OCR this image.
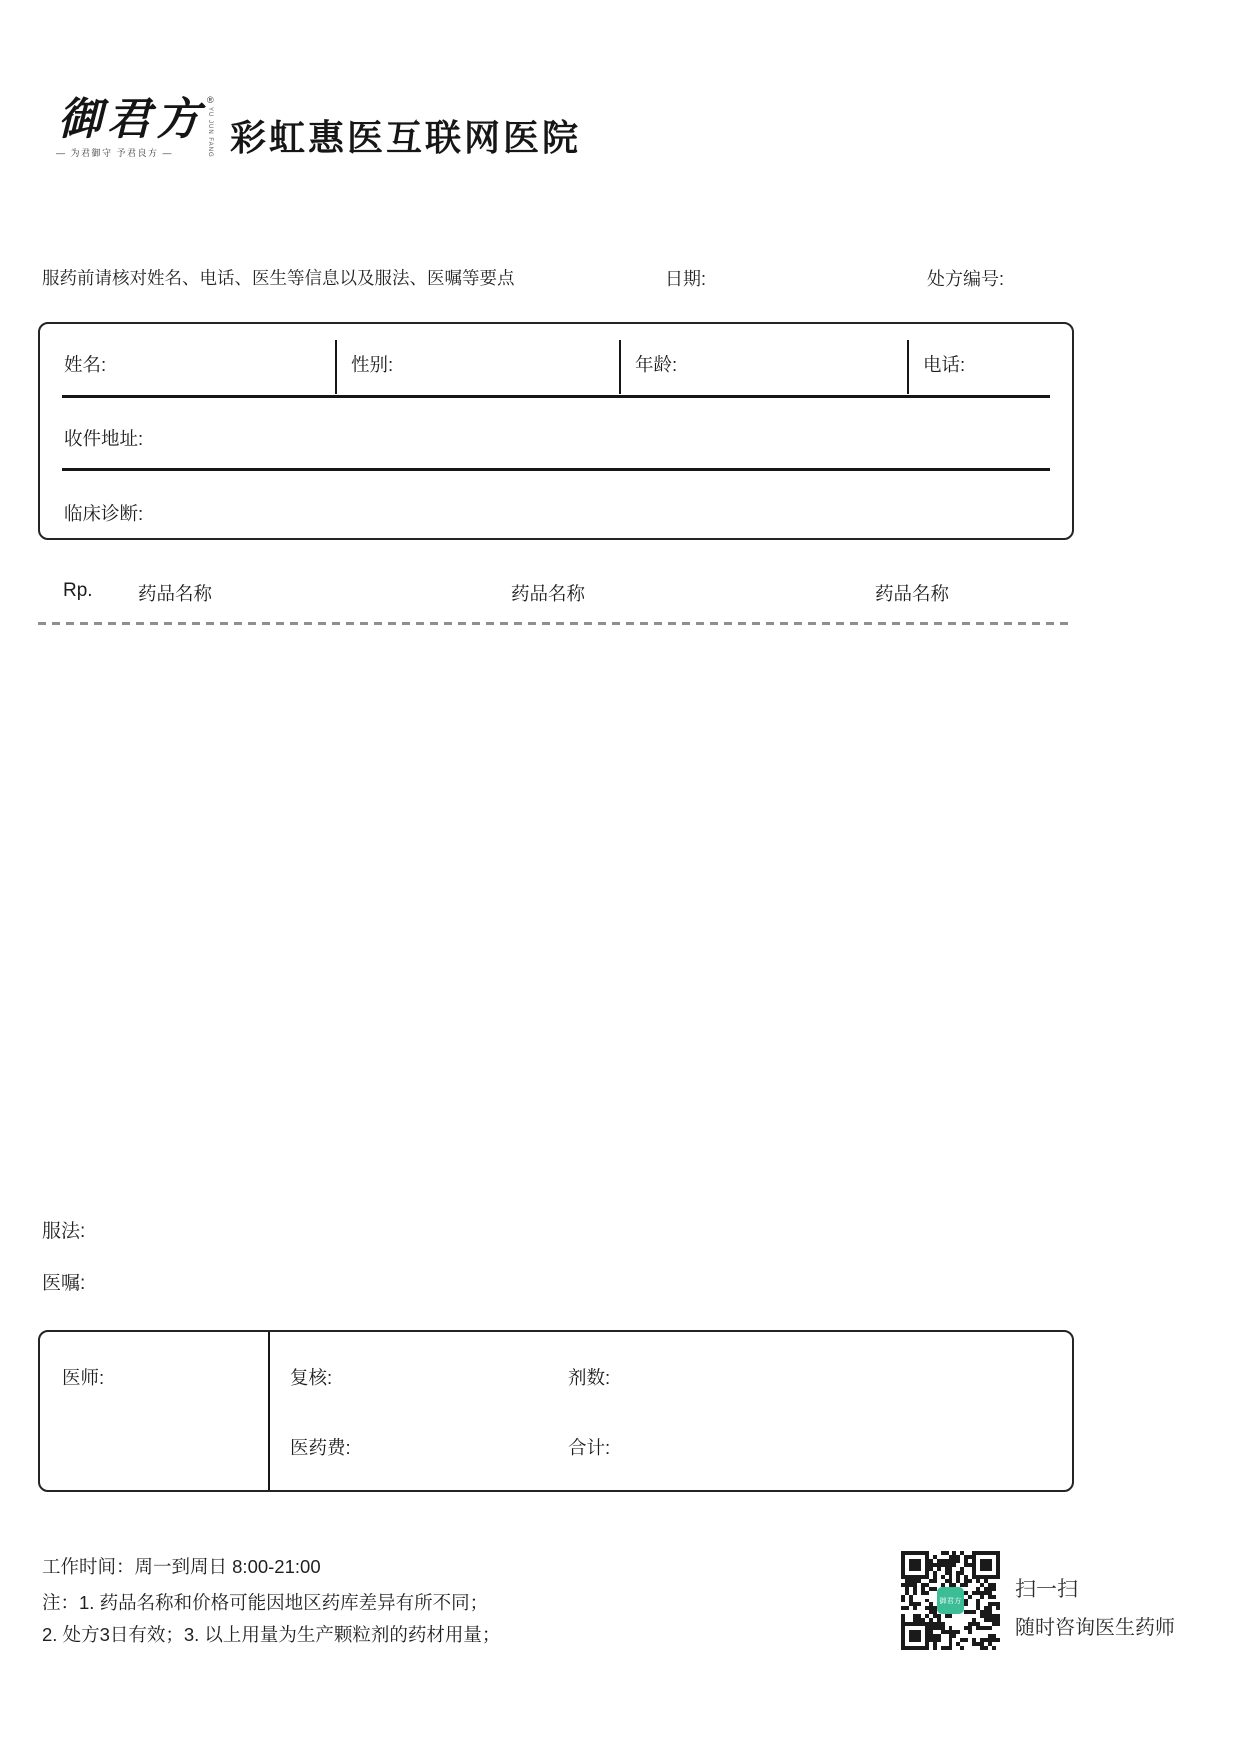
御君方 ®
YU JUN FANG
— 为君御守 予君良方 —	彩虹惠医互联网医院
服药前请核对姓名、电话、医生等信息以及服法、医嘱等要点	日期:	处方编号:
姓名:	性别:	年龄:	电话:
收件地址:
临床诊断:
Rp. 药品名称	药品名称	药品名称
服法:
医嘱:
医师:	复核:	剂数:
医药费:	合计:
工作时间：周一到周日 8:00-21:00
注：1. 药品名称和价格可能因地区药库差异有所不同；
2. 处方3日有效；3. 以上用量为生产颗粒剂的药材用量；
御君方	扫一扫
随时咨询医生药师
